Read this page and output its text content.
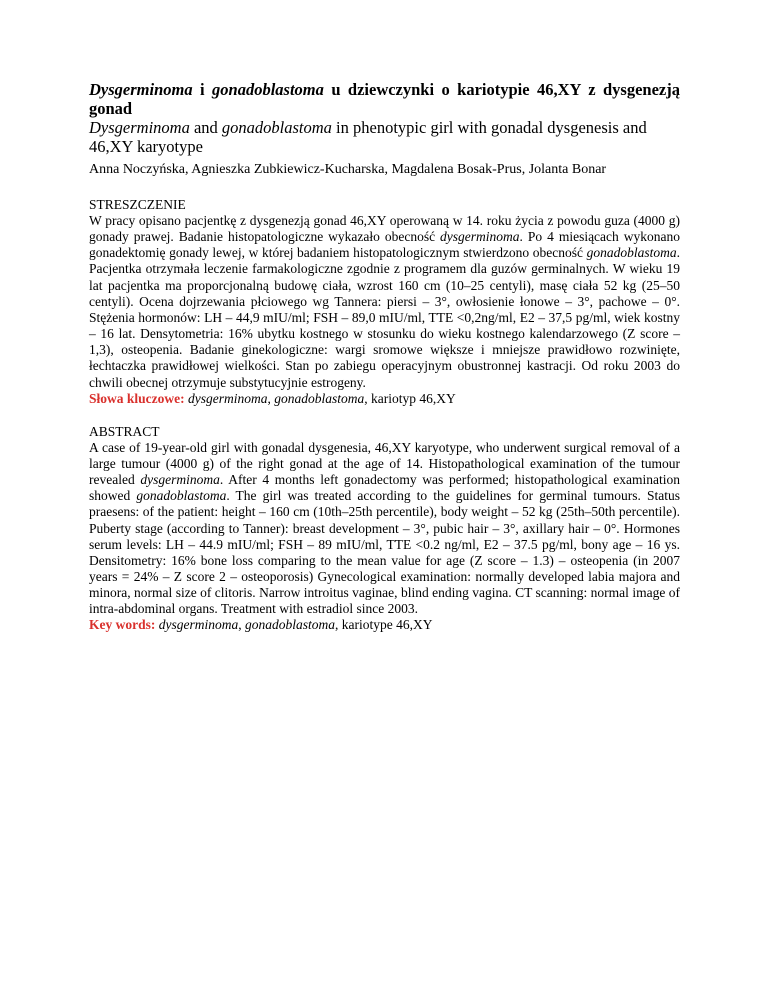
Dysgerminoma i gonadoblastoma u dziewczynki o kariotypie 46,XY z dysgenezją gonad
Dysgerminoma and gonadoblastoma in phenotypic girl with gonadal dysgenesis and 46,XY karyotype
Anna Noczyńska, Agnieszka Zubkiewicz-Kucharska, Magdalena Bosak-Prus, Jolanta Bonar
STRESZCZENIE

W pracy opisano pacjentkę z dysgenezją gonad 46,XY operowaną w 14. roku życia z powodu guza (4000 g) gonady prawej. Badanie histopatologiczne wykazało obecność dysgerminoma. Po 4 miesiącach wykonano gonadektomię gonady lewej, w której badaniem histopatologicznym stwierdzono obecność gonadoblastoma. Pacjentka otrzymała leczenie farmakologiczne zgodnie z programem dla guzów germinalnych. W wieku 19 lat pacjentka ma proporcjonalną budowę ciała, wzrost 160 cm (10–25 centyli), masę ciała 52 kg (25–50 centyli). Ocena dojrzewania płciowego wg Tannera: piersi – 3°, owłosienie łonowe – 3°, pachowe – 0°. Stężenia hormonów: LH – 44,9 mIU/ml; FSH – 89,0 mIU/ml, TTE <0,2ng/ml, E2 – 37,5 pg/ml, wiek kostny – 16 lat. Densytometria: 16% ubytku kostnego w stosunku do wieku kostnego kalendarzowego (Z score – 1,3), osteopenia. Badanie ginekologiczne: wargi sromowe większe i mniejsze prawidłowo rozwinięte, łechtaczka prawidłowej wielkości. Stan po zabiegu operacyjnym obustronnej kastracji. Od roku 2003 do chwili obecnej otrzymuje substytucyjnie estrogeny.

Słowa kluczowe: dysgerminoma, gonadoblastoma, kariotyp 46,XY

ABSTRACT

A case of 19-year-old girl with gonadal dysgenesia, 46,XY karyotype, who underwent surgical removal of a large tumour (4000 g) of the right gonad at the age of 14. Histopathological examination of the tumour revealed dysgerminoma. After 4 months left gonadectomy was performed; histopathological examination showed gonadoblastoma. The girl was treated according to the guidelines for germinal tumours. Status praesens: of the patient: height – 160 cm (10th–25th percentile), body weight – 52 kg (25th–50th percentile). Puberty stage (according to Tanner): breast development – 3°, pubic hair – 3°, axillary hair – 0°. Hormones serum levels: LH – 44.9 mIU/ml; FSH – 89 mIU/ml, TTE <0.2 ng/ml, E2 – 37.5 pg/ml, bony age – 16 ys. Densitometry: 16% bone loss comparing to the mean value for age (Z score – 1.3) – osteopenia (in 2007 years = 24% – Z score 2 – osteoporosis) Gynecological examination: normally developed labia majora and minora, normal size of clitoris. Narrow introitus vaginae, blind ending vagina. CT scanning: normal image of intra-abdominal organs. Treatment with estradiol since 2003.

Key words: dysgerminoma, gonadoblastoma, kariotype 46,XY
